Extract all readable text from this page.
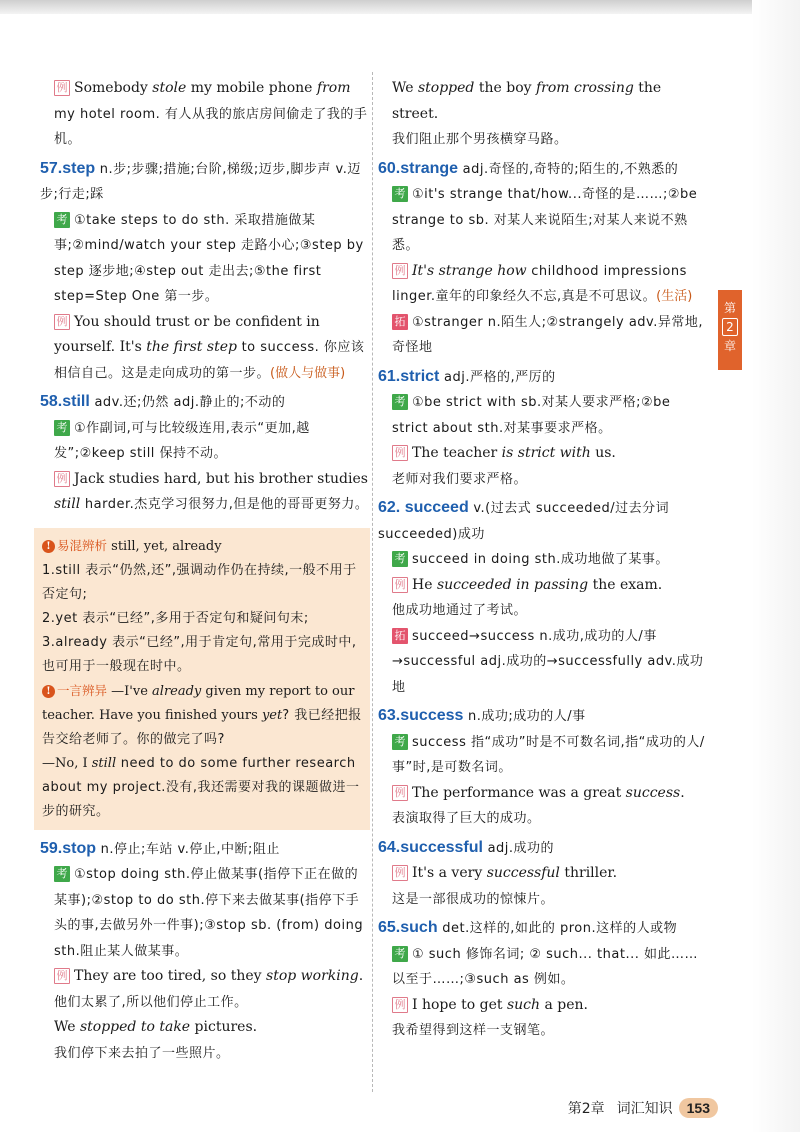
例 Somebody stole my mobile phone from my hotel room. 有人从我的旅店房间偷走了我的手机。
57.step n.步;步骤;措施;台阶,梯级;迈步,脚步声 v.迈步;行走;踩
考 ①take steps to do sth. 采取措施做某事;②mind/watch your step 走路小心;③step by step 逐步地;④step out 走出去;⑤the first step=Step One 第一步。
例 You should trust or be confident in yourself. It's the first step to success. 你应该相信自己。这是走向成功的第一步。(做人与做事)
58.still adv.还;仍然 adj.静止的;不动的
考 ①作副词,可与比较级连用,表示“更加,越发”;②keep still 保持不动。
例 Jack studies hard, but his brother studies still harder.杰克学习很努力,但是他的哥哥更努力。
! 易混辨析 still, yet, already
1.still 表示“仍然,还”,强调动作仍在持续,一般不用于否定句;
2.yet 表示“已经”,多用于否定句和疑问句末;
3.already 表示“已经”,用于肯定句,常用于完成时中,也可用于一般现在时中。
! 一言辨异 —I've already given my report to our teacher. Have you finished yours yet? 我已经把报告交给老师了。你的做完了吗?
—No, I still need to do some further research about my project.没有,我还需要对我的课题做进一步的研究。
59.stop n.停止;车站 v.停止,中断;阻止
考 ①stop doing sth.停止做某事(指停下正在做的某事);②stop to do sth.停下来去做某事(指停下手头的事,去做另外一件事);③stop sb. (from) doing sth.阻止某人做某事。
例 They are too tired, so they stop working.
他们太累了,所以他们停止工作。
We stopped to take pictures.
我们停下来去拍了一些照片。
We stopped the boy from crossing the street.
我们阻止那个男孩横穿马路。
60.strange adj.奇怪的,奇特的;陌生的,不熟悉的
考 ①it's strange that/how...奇怪的是……;②be strange to sb. 对某人来说陌生;对某人来说不熟悉。
例 It's strange how childhood impressions linger.童年的印象经久不忘,真是不可思议。(生活)
拓 ①stranger n.陌生人;②strangely adv.异常地,奇怪地
61.strict adj.严格的,严厉的
考 ①be strict with sb.对某人要求严格;②be strict about sth.对某事要求严格。
例 The teacher is strict with us.
老师对我们要求严格。
62. succeed v.(过去式 succeeded/过去分词 succeeded)成功
考 succeed in doing sth.成功地做了某事。
例 He succeeded in passing the exam.
他成功地通过了考试。
拓 succeed→success n.成功,成功的人/事→successful adj.成功的→successfully adv.成功地
63.success n.成功;成功的人/事
考 success 指“成功”时是不可数名词,指“成功的人/事”时,是可数名词。
例 The performance was a great success.
表演取得了巨大的成功。
64.successful adj.成功的
例 It's a very successful thriller.
这是一部很成功的惊悚片。
65.such det.这样的,如此的 pron.这样的人或物
考 ① such 修饰名词; ② such... that... 如此……以至于……;③such as 例如。
例 I hope to get such a pen.
我希望得到这样一支钢笔。
第
2
章
第2章 词汇知识	153
